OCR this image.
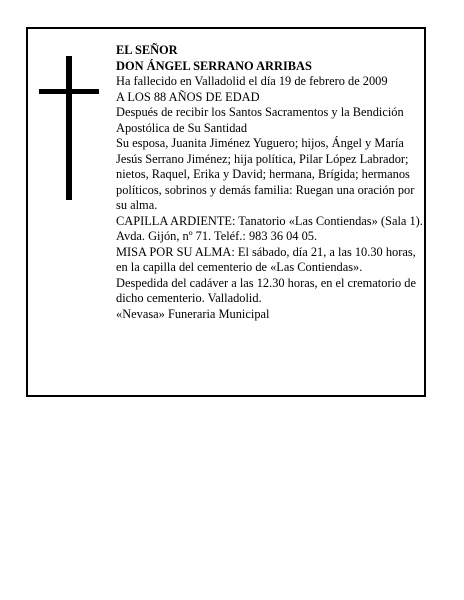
EL SEÑOR

DON ÁNGEL SERRANO ARRIBAS

Ha fallecido en Valladolid el día 19 de febrero de 2009

A LOS 88 AÑOS DE EDAD

Después de recibir los Santos Sacramentos y la Bendición Apostólica de Su Santidad

Su esposa, Juanita Jiménez Yuguero; hijos, Ángel y María Jesús Serrano Jiménez; hija política, Pilar López Labrador; nietos, Raquel, Erika y David; hermana, Brígida; hermanos políticos, sobrinos y demás familia: Ruegan una oración por su alma.

CAPILLA ARDIENTE: Tanatorio «Las Contiendas» (Sala 1). Avda. Gijón, nº 71. Teléf.: 983 36 04 05.

MISA POR SU ALMA: El sábado, día 21, a las 10.30 horas, en la capilla del cementerio de «Las Contiendas».

Despedida del cadáver a las 12.30 horas, en el crematorio de dicho cementerio. Valladolid.

«Nevasa» Funeraria Municipal
